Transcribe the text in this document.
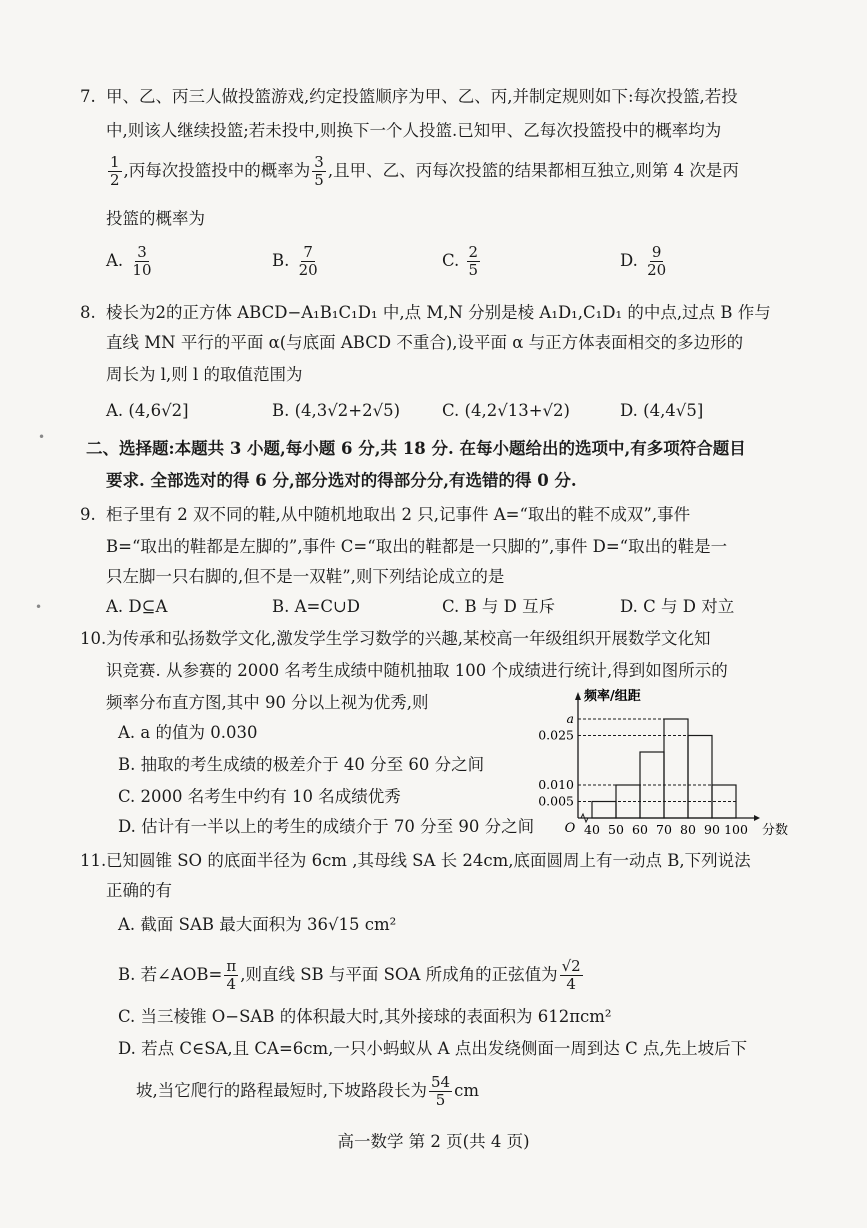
7. 甲、乙、丙三人做投篮游戏,约定投篮顺序为甲、乙、丙,并制定规则如下:每次投篮,若投
中,则该人继续投篮;若未投中,则换下一个人投篮.已知甲、乙每次投篮投中的概率均为
$\frac{1}{2}$ ,丙每次投篮投中的概率为 $\frac{3}{5}$ ,且甲、乙、丙每次投篮的结果都相互独立,则第 4 次是丙
投篮的概率为
A. $\frac{3}{10}$	B. $\frac{7}{20}$	C. $\frac{2}{5}$	D. $\frac{9}{20}$
8. 棱长为2的正方体 ABCD−A₁B₁C₁D₁ 中,点 M,N 分别是棱 A₁D₁,C₁D₁ 的中点,过点 B 作与
直线 MN 平行的平面 α(与底面 ABCD 不重合),设平面 α 与正方体表面相交的多边形的
周长为 l,则 l 的取值范围为
A. (4,6√2]	B. (4,3√2+2√5)	C. (4,2√13+√2)	D. (4,4√5]
二、选择题:本题共 3 小题,每小题 6 分,共 18 分. 在每小题给出的选项中,有多项符合题目
要求. 全部选对的得 6 分,部分选对的得部分分,有选错的得 0 分.
9. 柜子里有 2 双不同的鞋,从中随机地取出 2 只,记事件 A=“取出的鞋不成双”,事件
B=“取出的鞋都是左脚的”,事件 C=“取出的鞋都是一只脚的”,事件 D=“取出的鞋是一
只左脚一只右脚的,但不是一双鞋”,则下列结论成立的是
A. D⊆A	B. A=C∪D	C. B 与 D 互斥	D. C 与 D 对立
10.为传承和弘扬数学文化,激发学生学习数学的兴趣,某校高一年级组织开展数学文化知
识竞赛. 从参赛的 2000 名考生成绩中随机抽取 100 个成绩进行统计,得到如图所示的
频率分布直方图,其中 90 分以上视为优秀,则
A. a 的值为 0.030
B. 抽取的考生成绩的极差介于 40 分至 60 分之间
C. 2000 名考生中约有 10 名成绩优秀
D. 估计有一半以上的考生的成绩介于 70 分至 90 分之间
0.005
0.010
0.025
a
40 50 60 70 80 90 100
O	分数
频率/组距
11.已知圆锥 SO 的底面半径为 6cm ,其母线 SA 长 24cm,底面圆周上有一动点 B,下列说法
正确的有
A. 截面 SAB 最大面积为 36√15 cm²
B. 若∠AOB= $\frac{\pi}{4}$ ,则直线 SB 与平面 SOA 所成角的正弦值为 $\frac{√2}{4}$
C. 当三棱锥 O−SAB 的体积最大时,其外接球的表面积为 612πcm²
D. 若点 C∈SA,且 CA=6cm,一只小蚂蚁从 A 点出发绕侧面一周到达 C 点,先上坡后下
坡,当它爬行的路程最短时,下坡路段长为 $\frac{54}{5}$ cm
高一数学 第 2 页(共 4 页)
•
•
